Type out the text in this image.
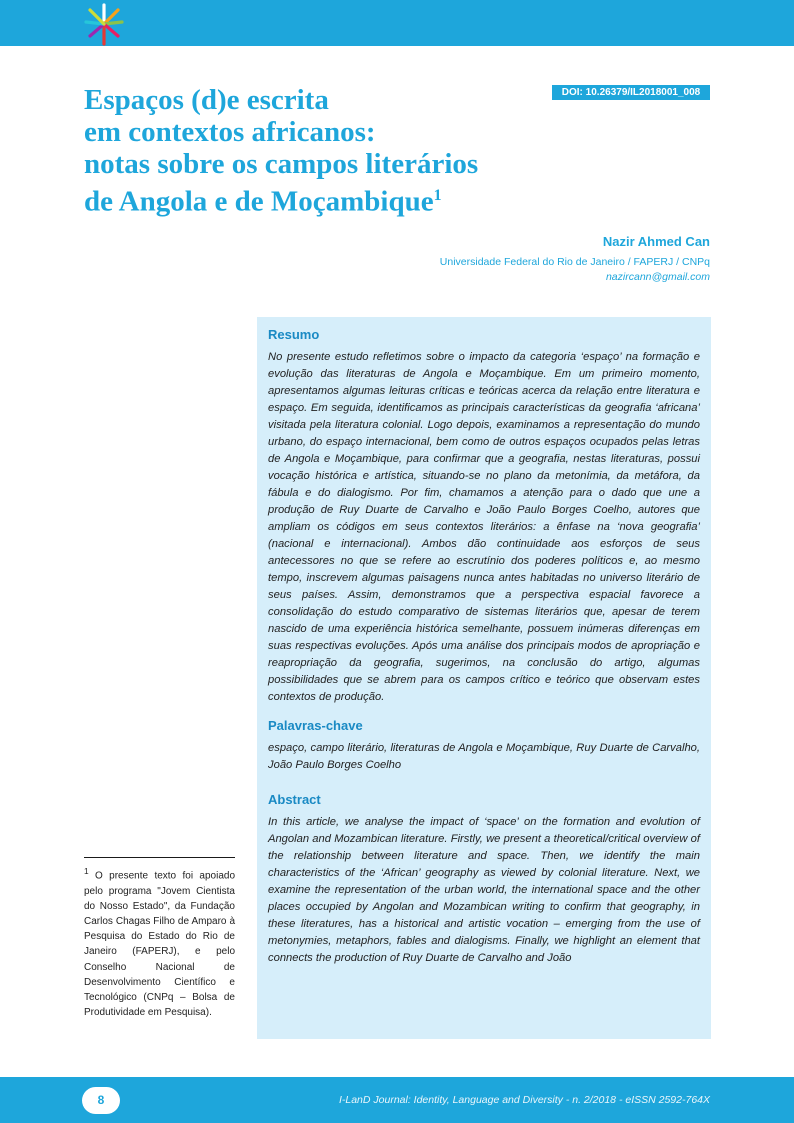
DOI: 10.26379/IL2018001_008
Espaços (d)e escrita
em contextos africanos:
notas sobre os campos literários
de Angola e de Moçambique$^1$
Nazir Ahmed Can
Universidade Federal do Rio de Janeiro / FAPERJ / CNPq
nazircann@gmail.com
Resumo

No presente estudo refletimos sobre o impacto da categoria ‘espaço’ na formação e evolução das literaturas de Angola e Moçambique. Em um primeiro momento, apresentamos algumas leituras críticas e teóricas acerca da relação entre literatura e espaço. Em seguida, identificamos as principais características da geografia ‘africana’ visitada pela literatura colonial. Logo depois, examinamos a representação do mundo urbano, do espaço internacional, bem como de outros espaços ocupados pelas letras de Angola e Moçambique, para confirmar que a geografia, nestas literaturas, possui vocação histórica e artística, situando-se no plano da metonímia, da metáfora, da fábula e do dialogismo. Por fim, chamamos a atenção para o dado que une a produção de Ruy Duarte de Carvalho e João Paulo Borges Coelho, autores que ampliam os códigos em seus contextos literários: a ênfase na ‘nova geografia’ (nacional e internacional). Ambos dão continuidade aos esforços de seus antecessores no que se refere ao escrutínio dos poderes políticos e, ao mesmo tempo, inscrevem algumas paisagens nunca antes habitadas no universo literário de seus países. Assim, demonstramos que a perspectiva espacial favorece a consolidação do estudo comparativo de sistemas literários que, apesar de terem nascido de uma experiência histórica semelhante, possuem inúmeras diferenças em suas respectivas evoluções. Após uma análise dos principais modos de apropriação e reapropriação da geografia, sugerimos, na conclusão do artigo, algumas possibilidades que se abrem para os campos crítico e teórico que observam estes contextos de produção.

Palavras-chave

espaço, campo literário, literaturas de Angola e Moçambique, Ruy Duarte de Carvalho, João Paulo Borges Coelho

Abstract

In this article, we analyse the impact of ‘space’ on the formation and evolution of Angolan and Mozambican literature. Firstly, we present a theoretical/critical overview of the relationship between literature and space. Then, we identify the main characteristics of the ‘African’ geography as viewed by colonial literature. Next, we examine the representation of the urban world, the international space and the other places occupied by Angolan and Mozambican writing to confirm that geography, in these literatures, has a historical and artistic vocation – emerging from the use of metonymies, metaphors, fables and dialogisms. Finally, we highlight an element that connects the production of Ruy Duarte de Carvalho and João

$^1$ O presente texto foi apoiado pelo programa "Jovem Cientista do Nosso Estado", da Fundação Carlos Chagas Filho de Amparo à Pesquisa do Estado do Rio de Janeiro (FAPERJ), e pelo Conselho Nacional de Desenvolvimento Científico e Tecnológico (CNPq – Bolsa de Produtividade em Pesquisa).
8	I-LanD Journal: Identity, Language and Diversity - n. 2/2018 - eISSN 2592-764X
